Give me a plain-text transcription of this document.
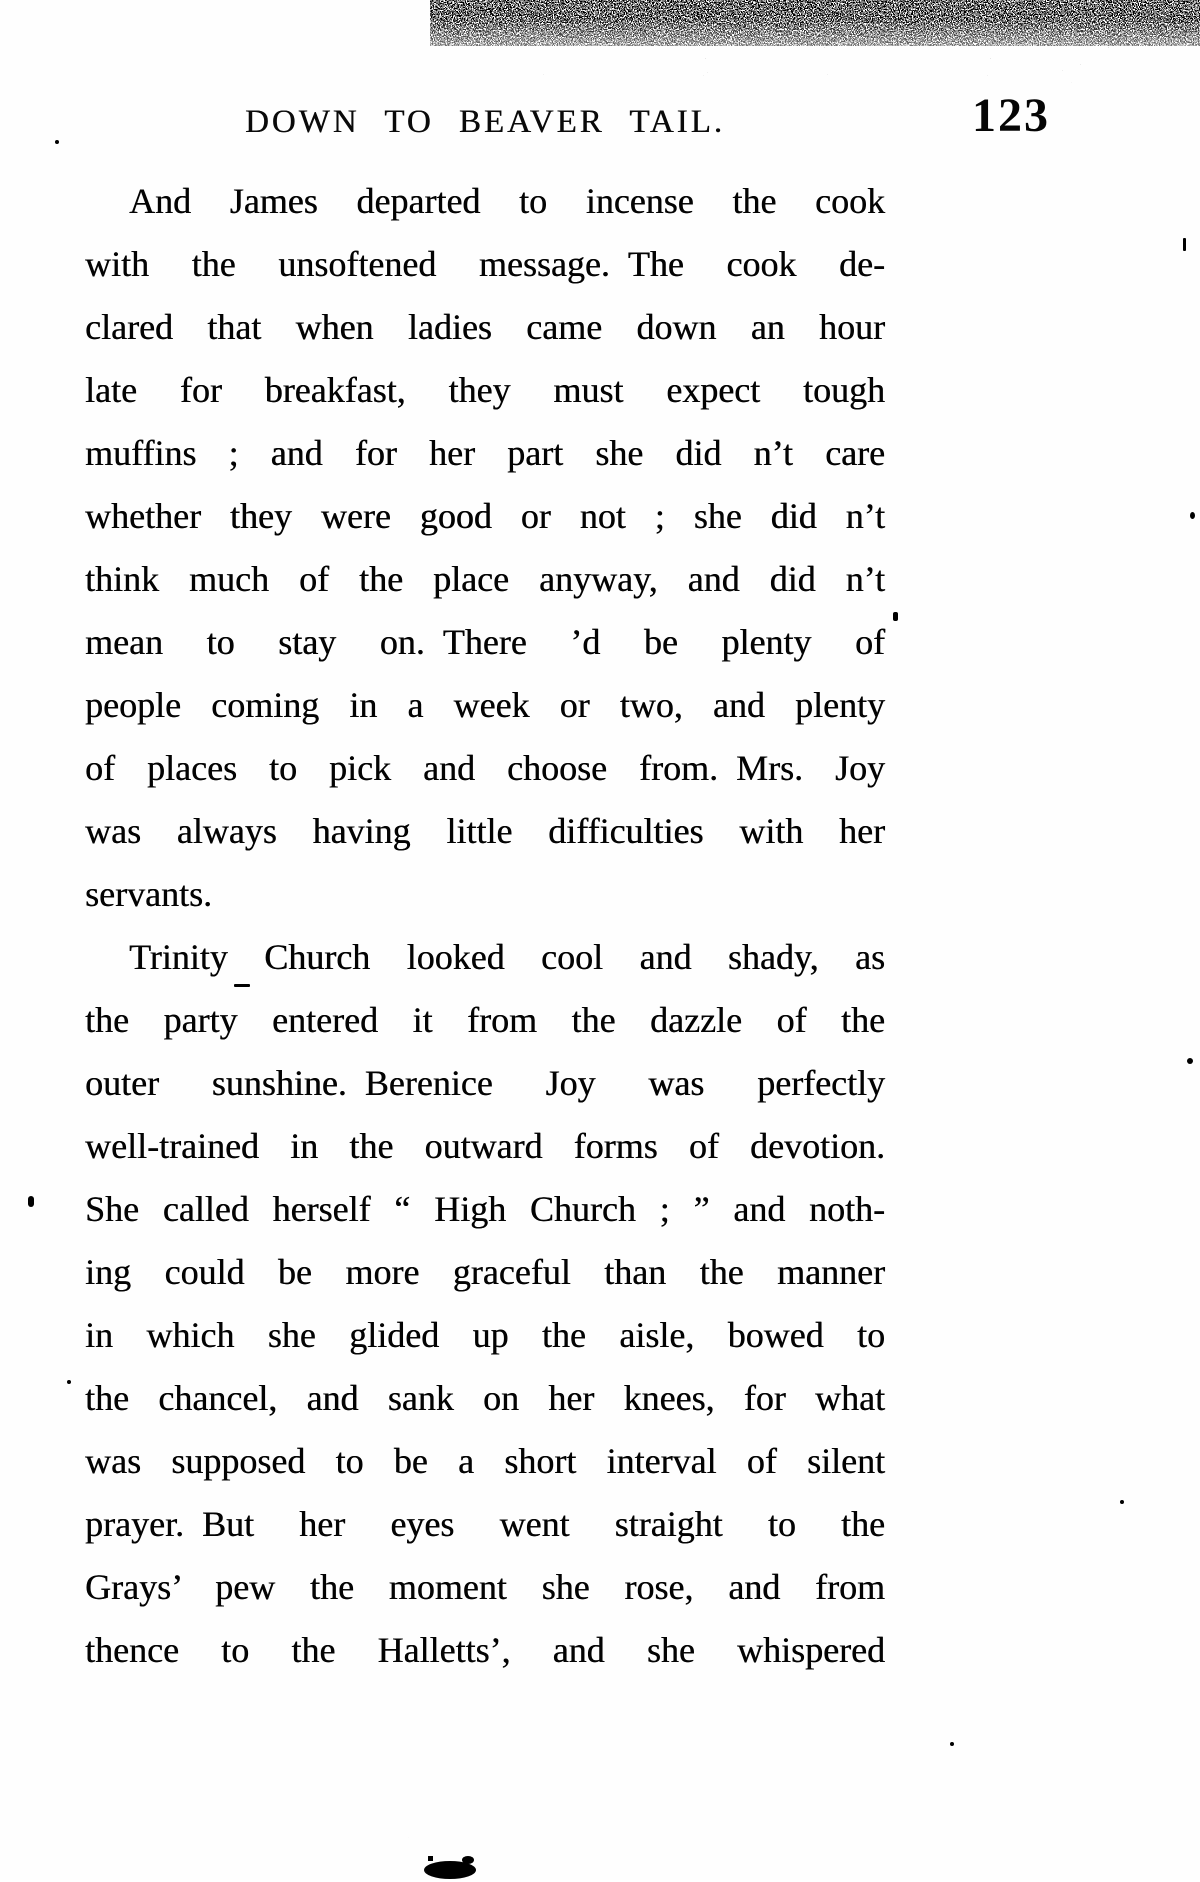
DOWN TO BEAVER TAIL.	123
And James departed to incense the cook
with the unsoftened message. The cook de-
clared that when ladies came down an hour
late for breakfast, they must expect tough
muffins ; and for her part she did n’t care
whether they were good or not ; she did n’t
think much of the place anyway, and did n’t
mean to stay on. There ’d be plenty of
people coming in a week or two, and plenty
of places to pick and choose from. Mrs. Joy
was always having little difficulties with her
servants.
Trinity Church looked cool and shady, as
the party entered it from the dazzle of the
outer sunshine. Berenice Joy was perfectly
well-trained in the outward forms of devotion.
She called herself “ High Church ; ” and noth-
ing could be more graceful than the manner
in which she glided up the aisle, bowed to
the chancel, and sank on her knees, for what
was supposed to be a short interval of silent
prayer. But her eyes went straight to the
Grays’ pew the moment she rose, and from
thence to the Halletts’, and she whispered
